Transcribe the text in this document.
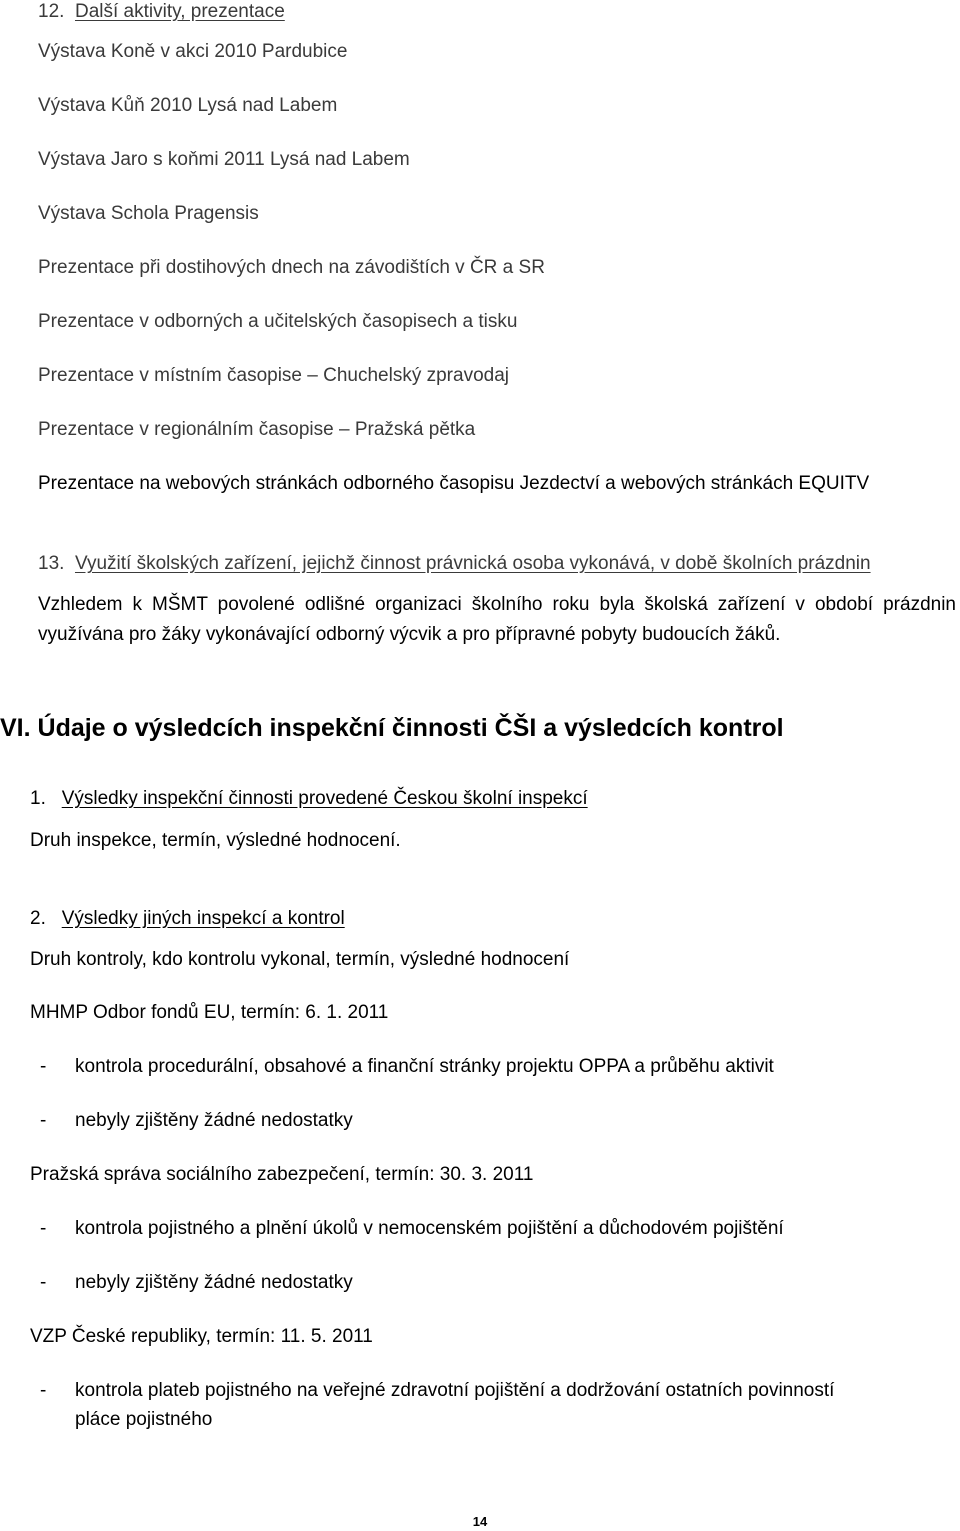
12. Další aktivity, prezentace
Výstava Koně v akci 2010 Pardubice
Výstava Kůň 2010 Lysá nad Labem
Výstava Jaro s koňmi 2011 Lysá nad Labem
Výstava Schola Pragensis
Prezentace při dostihových dnech na závodištích v ČR a SR
Prezentace v odborných a učitelských časopisech a tisku
Prezentace v místním časopise – Chuchelský zpravodaj
Prezentace v regionálním časopise – Pražská pětka
Prezentace na webových stránkách odborného časopisu Jezdectví a webových stránkách EQUITV
13. Využití školských zařízení, jejichž činnost právnická osoba vykonává, v době školních prázdnin
Vzhledem k MŠMT povolené odlišné organizaci školního roku byla školská zařízení v období prázdnin využívána pro žáky vykonávající odborný výcvik a pro přípravné pobyty budoucích žáků.
VI. Údaje o výsledcích inspekční činnosti ČŠI a výsledcích kontrol
1. Výsledky inspekční činnosti provedené Českou školní inspekcí
Druh inspekce, termín, výsledné hodnocení.
2. Výsledky jiných inspekcí a kontrol
Druh kontroly, kdo kontrolu vykonal, termín, výsledné hodnocení
MHMP Odbor fondů EU, termín: 6. 1. 2011
- kontrola procedurální, obsahové a finanční stránky projektu OPPA a průběhu aktivit
- nebyly zjištěny žádné nedostatky
Pražská správa sociálního zabezpečení, termín: 30. 3. 2011
- kontrola pojistného a plnění úkolů v nemocenském pojištění a důchodovém pojištění
- nebyly zjištěny žádné nedostatky
VZP České republiky, termín: 11. 5. 2011
- kontrola plateb pojistného na veřejné zdravotní pojištění a dodržování ostatních povinností
pláce pojistného
14
